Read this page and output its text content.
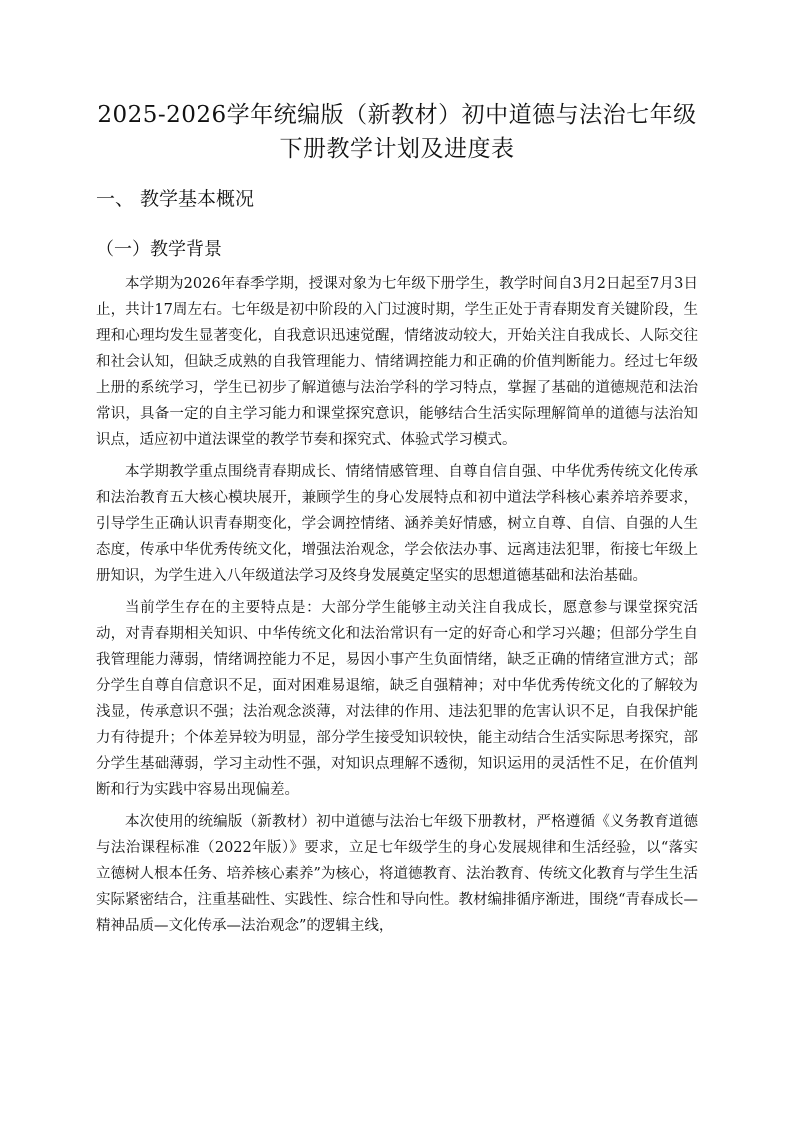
2025-2026学年统编版（新教材）初中道德与法治七年级
下册教学计划及进度表
一、 教学基本概况
（一）教学背景

本学期为2026年春季学期，授课对象为七年级下册学生，教学时间自3月2日起至7月3日止，共计17周左右。七年级是初中阶段的入门过渡时期，学生正处于青春期发育关键阶段，生理和心理均发生显著变化，自我意识迅速觉醒，情绪波动较大，开始关注自我成长、人际交往和社会认知，但缺乏成熟的自我管理能力、情绪调控能力和正确的价值判断能力。经过七年级上册的系统学习，学生已初步了解道德与法治学科的学习特点，掌握了基础的道德规范和法治常识，具备一定的自主学习能力和课堂探究意识，能够结合生活实际理解简单的道德与法治知识点，适应初中道法课堂的教学节奏和探究式、体验式学习模式。

本学期教学重点围绕青春期成长、情绪情感管理、自尊自信自强、中华优秀传统文化传承和法治教育五大核心模块展开，兼顾学生的身心发展特点和初中道法学科核心素养培养要求，引导学生正确认识青春期变化，学会调控情绪、涵养美好情感，树立自尊、自信、自强的人生态度，传承中华优秀传统文化，增强法治观念，学会依法办事、远离违法犯罪，衔接七年级上册知识，为学生进入八年级道法学习及终身发展奠定坚实的思想道德基础和法治基础。

当前学生存在的主要特点是：大部分学生能够主动关注自我成长，愿意参与课堂探究活动，对青春期相关知识、中华传统文化和法治常识有一定的好奇心和学习兴趣；但部分学生自我管理能力薄弱，情绪调控能力不足，易因小事产生负面情绪，缺乏正确的情绪宣泄方式；部分学生自尊自信意识不足，面对困难易退缩，缺乏自强精神；对中华优秀传统文化的了解较为浅显，传承意识不强；法治观念淡薄，对法律的作用、违法犯罪的危害认识不足，自我保护能力有待提升；个体差异较为明显，部分学生接受知识较快，能主动结合生活实际思考探究，部分学生基础薄弱，学习主动性不强，对知识点理解不透彻，知识运用的灵活性不足，在价值判断和行为实践中容易出现偏差。

本次使用的统编版（新教材）初中道德与法治七年级下册教材，严格遵循《义务教育道德与法治课程标准（2022年版）》要求，立足七年级学生的身心发展规律和生活经验，以“落实立德树人根本任务、培养核心素养”为核心，将道德教育、法治教育、传统文化教育与学生生活实际紧密结合，注重基础性、实践性、综合性和导向性。教材编排循序渐进，围绕“青春成长—精神品质—文化传承—法治观念”的逻辑主线，
